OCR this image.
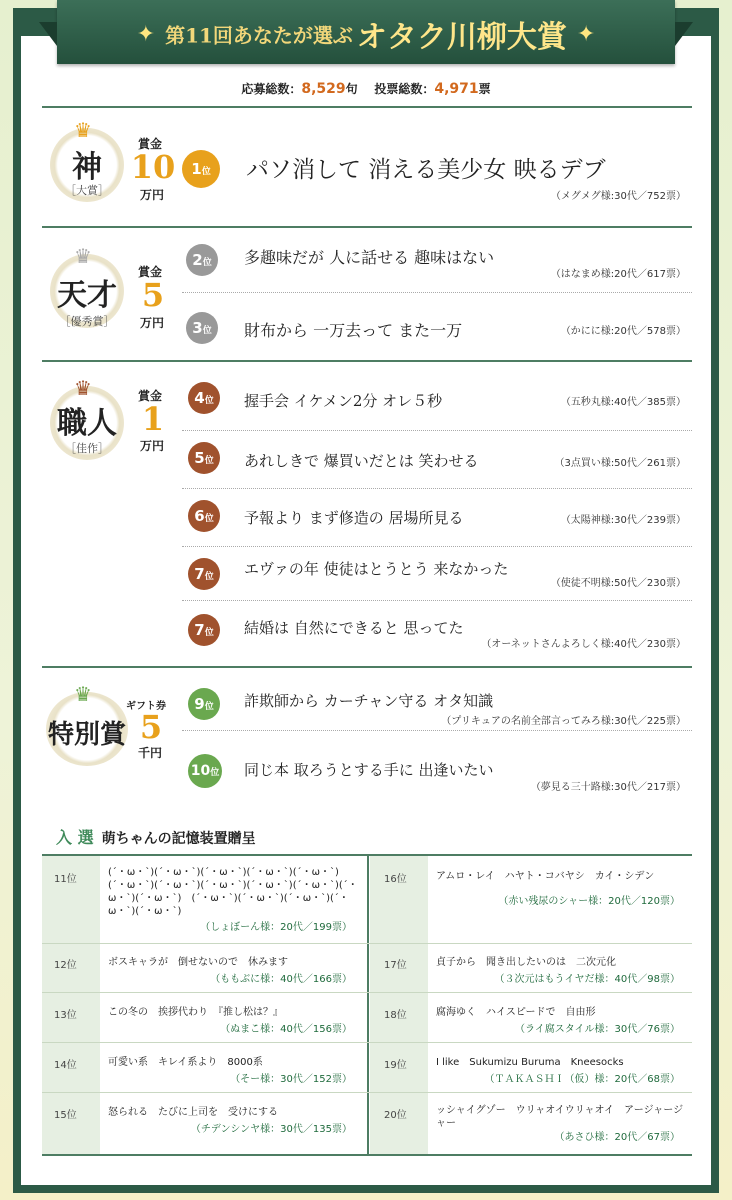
✦ 第11回あなたが選ぶ オタク川柳大賞 ✦
応募総数：8,529句 投票総数：4,971票
♛
神
［大賞］
賞金
10
万円
♛
天才
［優秀賞］
賞金
5
万円
♛
職人
［佳作］
賞金
1
万円
♛
特別賞
ギフト券
5
千円
1位	パソ消して 消える美少女 映るデブ
（メグメグ様:30代／752票）
2位	多趣味だが 人に話せる 趣味はない
（はなまめ様:20代／617票）
3位	財布から 一万去って また一万	（かにに様:20代／578票）
4位	握手会 イケメン2分 オレ５秒	（五秒丸様:40代／385票）
5位	あれしきで 爆買いだとは 笑わせる	（3点買い様:50代／261票）
6位	予報より まず修造の 居場所見る	（太陽神様:30代／239票）
7位	エヴァの年 使徒はとうとう 来なかった
（使徒不明様:50代／230票）
7位	結婚は 自然にできると 思ってた
（オーネットさんよろしく様:40代／230票）
9位	詐欺師から カーチャン守る オタ知識
（プリキュアの名前全部言ってみろ様:30代／225票）
10位 同じ本 取ろうとする手に 出逢いたい
（夢見る三十路様:30代／217票）
入 選 萌ちゃんの記憶装置贈呈
11位
(´・ω・`)(´・ω・`)(´・ω・`)(´・ω・`)(´・ω・`)　(´・ω・`)(´・ω・`)(´・ω・`)(´・ω・`)(´・ω・`)(´・ω・`)(´・ω・`)　(´・ω・`)(´・ω・`)(´・ω・`)(´・ω・`)(´・ω・`)
（しょぼーん様：20代／199票）
12位	ボスキャラが　倒せないので　休みます
（ももぶに様：40代／166票）
13位	この冬の　挨拶代わり　『推し松は？』
（ぬまこ様：40代／156票）
14位	可愛い系　キレイ系より　8000系
（そー様：30代／152票）
15位	怒られる　たびに上司を　受けにする
（チデンシンヤ様：30代／135票）
16位	アムロ・レイ　ハヤト・コバヤシ　カイ・シデン
（赤い残尿のシャー様：20代／120票）
17位	貞子から　聞き出したいのは　二次元化
（３次元はもうイヤだ様：40代／98票）
18位	腐海ゆく　ハイスピードで　自由形
（ライ腐スタイル様：30代／76票）
19位	I like　Sukumizu Buruma　Kneesocks
（ＴＡＫＡＳＨＩ（仮）様：20代／68票）
20位	ッシャイグゾー　ウリャオイウリャオイ　アージャージャー
（あさひ様：20代／67票）
